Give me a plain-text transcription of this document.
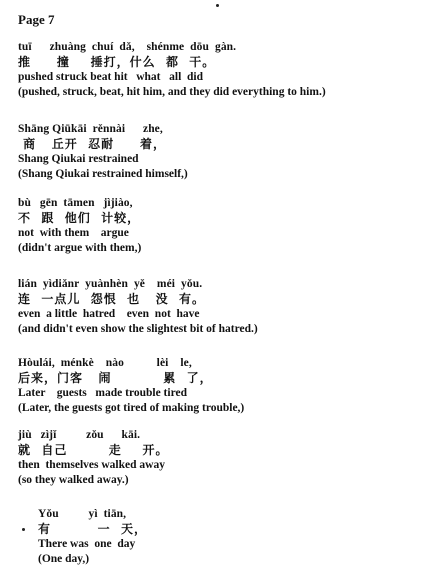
Page 7
tuī      zhuàng  chuí  dǎ,    shénme  dōu  gàn.
推     撞    捶打，什么  都  干。
pushed struck beat hit   what   all  did
(pushed, struck, beat, hit him, and they did everything to him.)
Shāng Qiūkāi  rěnnài      zhe,
商   丘开  忍耐     着，
Shang Qiukai restrained
(Shang Qiukai restrained himself,)
bù   gēn  tāmen   jìjiào,
不  跟  他们  计较，
not  with them    argue
(didn't argue with them,)
lián  yìdiǎnr  yuànhèn  yě    méi  yǒu.
连  一点儿  怨恨  也   没  有。
even  a little  hatred    even  not  have
(and didn't even show the slightest bit of hatred.)
Hòulái,  ménkè    nào           lèi    le,
后来，门客   闹          累  了，
Later    guests   made trouble tired
(Later, the guests got tired of making trouble,)
jiù   zìjǐ          zǒu      kāi.
就  自己        走    开。
then  themselves walked away
(so they walked away.)
Yǒu          yì  tiān,
有         一  天，
There was  one  day
(One day,)
